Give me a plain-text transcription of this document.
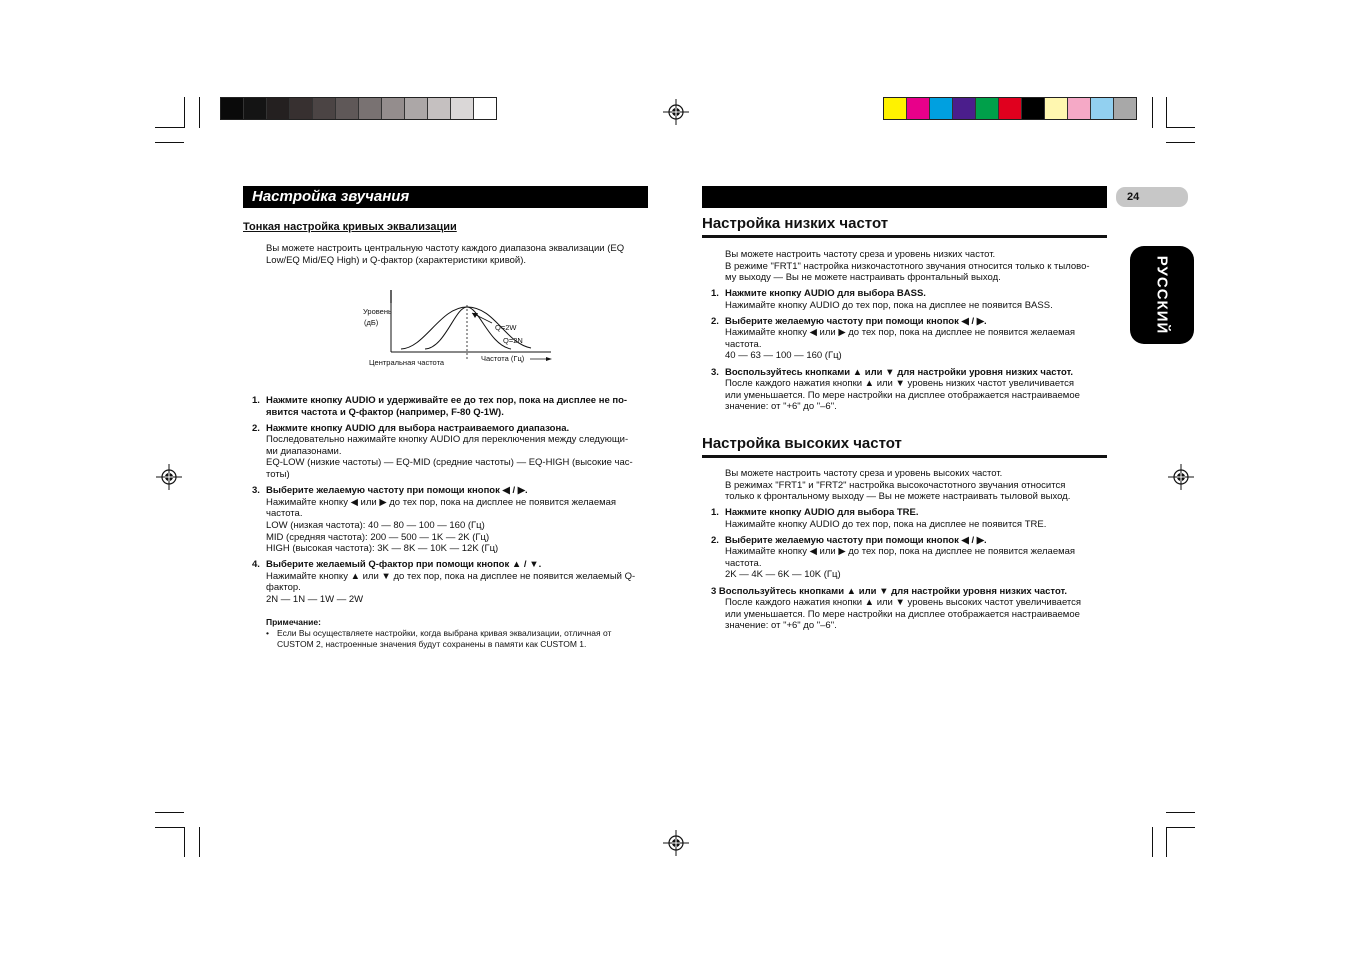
Настройка звучания
Тонкая настройка кривых эквализации
Вы можете настроить центральную частоту каждого диапазона эквализации (EQ
Low/EQ Mid/EQ High) и Q-фактор (характеристики кривой).
Уровень
(дБ)
Q=2W
Q=2N
Центральная частота	Частота (Гц)
1. Нажмите кнопку AUDIO и удерживайте ее до тех пор, пока на дисплее не по-
явится частота и Q-фактор (например, F-80 Q-1W).
2. Нажмите кнопку AUDIO для выбора настраиваемого диапазона.
Последовательно нажимайте кнопку AUDIO для переключения между следующи-
ми диапазонами.
EQ-LOW (низкие частоты) — EQ-MID (средние частоты) — EQ-HIGH (высокие час-
тоты)
3. Выберите желаемую частоту при помощи кнопок ◀ / ▶.
Нажимайте кнопку ◀ или ▶ до тех пор, пока на дисплее не появится желаемая
частота.
LOW (низкая частота): 40 — 80 — 100 — 160 (Гц)
MID (средняя частота): 200 — 500 — 1K — 2K (Гц)
HIGH (высокая частота): 3K — 8K — 10K — 12K (Гц)
4. Выберите желаемый Q-фактор при помощи кнопок ▲ / ▼.
Нажимайте кнопку ▲ или ▼ до тех пор, пока на дисплее не появится желаемый Q-
фактор.
2N — 1N — 1W — 2W
Примечание:
• Если Вы осуществляете настройки, когда выбрана кривая эквализации, отличная от
CUSTOM 2, настроенные значения будут сохранены в памяти как CUSTOM 1.
24
РУССКИЙ
Настройка низких частот
Вы можете настроить частоту среза и уровень низких частот.
В режиме "FRT1" настройка низкочастотного звучания относится только к тылово-
му выходу — Вы не можете настраивать фронтальный выход.
1. Нажмите кнопку AUDIO для выбора BASS.
Нажимайте кнопку AUDIO до тех пор, пока на дисплее не появится BASS.
2. Выберите желаемую частоту при помощи кнопок ◀ / ▶.
Нажимайте кнопку ◀ или ▶ до тех пор, пока на дисплее не появится желаемая
частота.
40 — 63 — 100 — 160 (Гц)
3. Воспользуйтесь кнопками ▲ или ▼ для настройки уровня низких частот.
После каждого нажатия кнопки ▲ или ▼ уровень низких частот увеличивается
или уменьшается. По мере настройки на дисплее отображается настраиваемое
значение: от "+6" до "–6".
Настройка высоких частот
Вы можете настроить частоту среза и уровень высоких частот.
В режимах "FRT1" и "FRT2" настройка высокочастотного звучания относится
только к фронтальному выходу — Вы не можете настраивать тыловой выход.
1. Нажмите кнопку AUDIO для выбора TRE.
Нажимайте кнопку AUDIO до тех пор, пока на дисплее не появится TRE.
2. Выберите желаемую частоту при помощи кнопок ◀ / ▶.
Нажимайте кнопку ◀ или ▶ до тех пор, пока на дисплее не появится желаемая
частота.
2K — 4K — 6K — 10K (Гц)
3 Воспользуйтесь кнопками ▲ или ▼ для настройки уровня низких частот.
После каждого нажатия кнопки ▲ или ▼ уровень высоких частот увеличивается
или уменьшается. По мере настройки на дисплее отображается настраиваемое
значение: от "+6" до "–6".
